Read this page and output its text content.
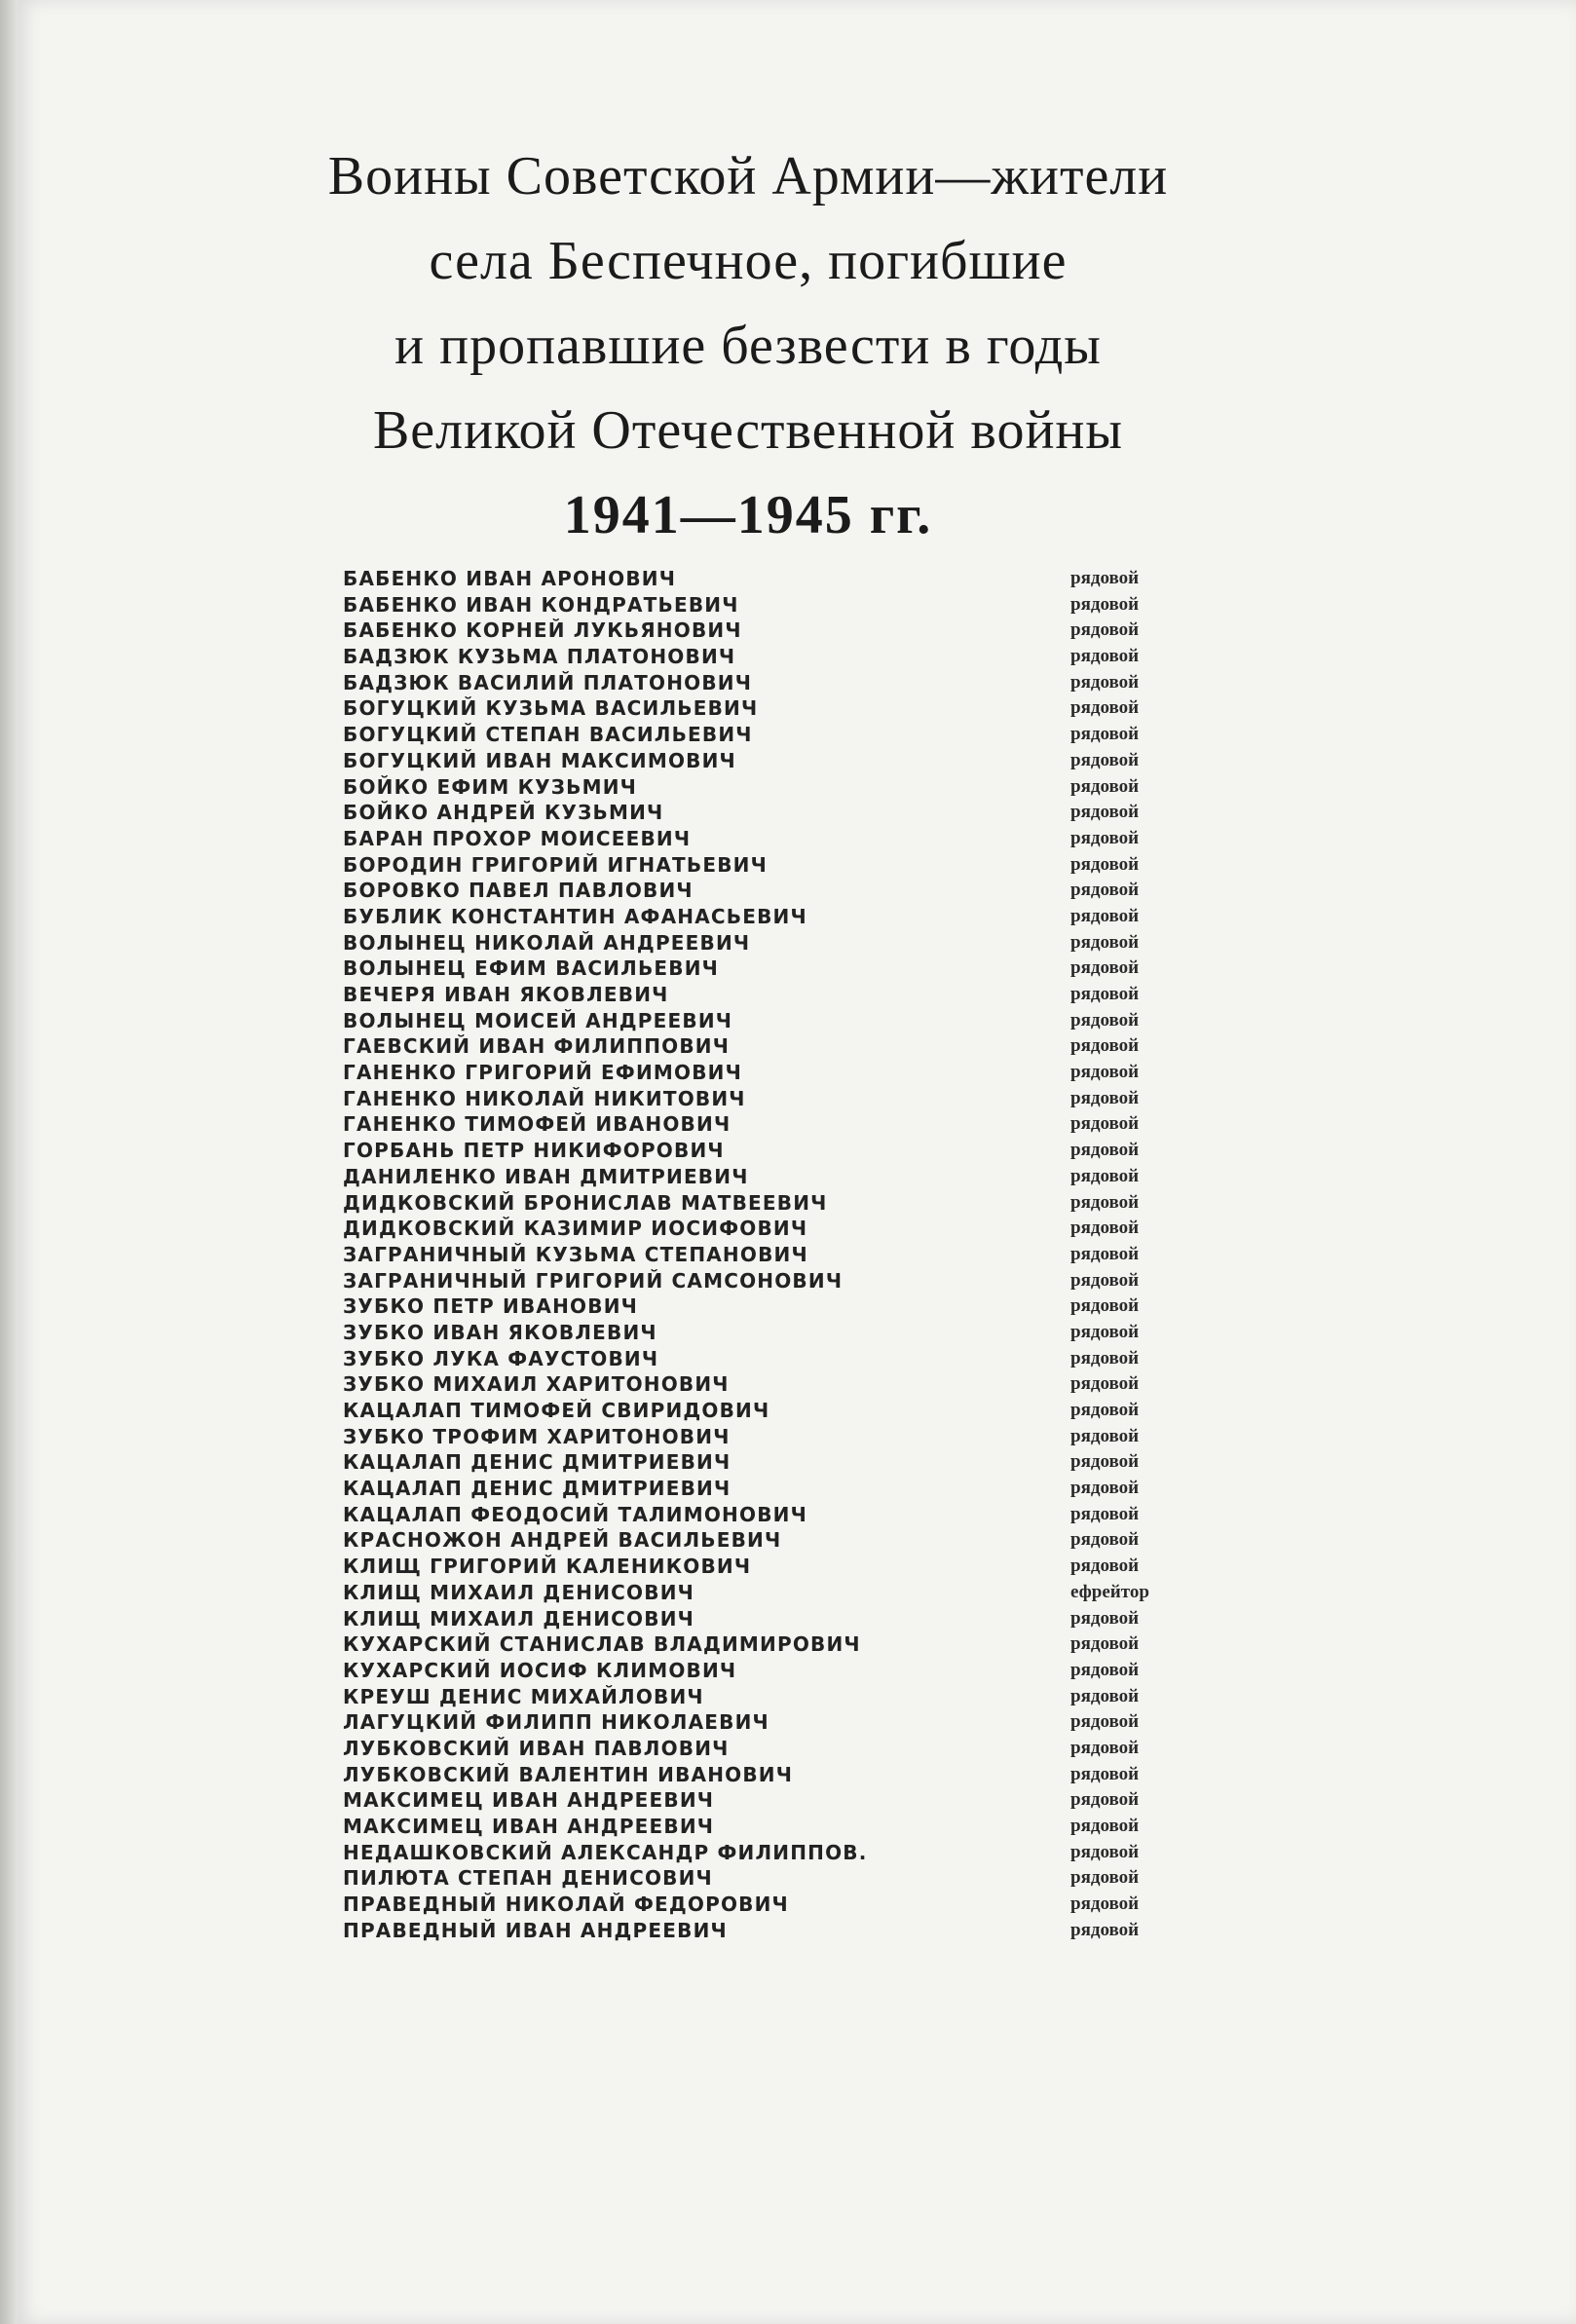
Воины Советской Армии—жители
села Беспечное, погибшие
и пропавшие безвести в годы
Великой Отечественной войны
1941—1945 гг.
БАБЕНКО ИВАН АРОНОВИЧ	рядовой
БАБЕНКО ИВАН КОНДРАТЬЕВИЧ	рядовой
БАБЕНКО КОРНЕЙ ЛУКЬЯНОВИЧ	рядовой
БАДЗЮК КУЗЬМА ПЛАТОНОВИЧ	рядовой
БАДЗЮК ВАСИЛИЙ ПЛАТОНОВИЧ	рядовой
БОГУЦКИЙ КУЗЬМА ВАСИЛЬЕВИЧ	рядовой
БОГУЦКИЙ СТЕПАН ВАСИЛЬЕВИЧ	рядовой
БОГУЦКИЙ ИВАН МАКСИМОВИЧ	рядовой
БОЙКО ЕФИМ КУЗЬМИЧ	рядовой
БОЙКО АНДРЕЙ КУЗЬМИЧ	рядовой
БАРАН ПРОХОР МОИСЕЕВИЧ	рядовой
БОРОДИН ГРИГОРИЙ ИГНАТЬЕВИЧ	рядовой
БОРОВКО ПАВЕЛ ПАВЛОВИЧ	рядовой
БУБЛИК КОНСТАНТИН АФАНАСЬЕВИЧ	рядовой
ВОЛЫНЕЦ НИКОЛАЙ АНДРЕЕВИЧ	рядовой
ВОЛЫНЕЦ ЕФИМ ВАСИЛЬЕВИЧ	рядовой
ВЕЧЕРЯ ИВАН ЯКОВЛЕВИЧ	рядовой
ВОЛЫНЕЦ МОИСЕЙ АНДРЕЕВИЧ	рядовой
ГАЕВСКИЙ ИВАН ФИЛИППОВИЧ	рядовой
ГАНЕНКО ГРИГОРИЙ ЕФИМОВИЧ	рядовой
ГАНЕНКО НИКОЛАЙ НИКИТОВИЧ	рядовой
ГАНЕНКО ТИМОФЕЙ ИВАНОВИЧ	рядовой
ГОРБАНЬ ПЕТР НИКИФОРОВИЧ	рядовой
ДАНИЛЕНКО ИВАН ДМИТРИЕВИЧ	рядовой
ДИДКОВСКИЙ БРОНИСЛАВ МАТВЕЕВИЧ	рядовой
ДИДКОВСКИЙ КАЗИМИР ИОСИФОВИЧ	рядовой
ЗАГРАНИЧНЫЙ КУЗЬМА СТЕПАНОВИЧ	рядовой
ЗАГРАНИЧНЫЙ ГРИГОРИЙ САМСОНОВИЧ	рядовой
ЗУБКО ПЕТР ИВАНОВИЧ	рядовой
ЗУБКО ИВАН ЯКОВЛЕВИЧ	рядовой
ЗУБКО ЛУКА ФАУСТОВИЧ	рядовой
ЗУБКО МИХАИЛ ХАРИТОНОВИЧ	рядовой
КАЦАЛАП ТИМОФЕЙ СВИРИДОВИЧ	рядовой
ЗУБКО ТРОФИМ ХАРИТОНОВИЧ	рядовой
КАЦАЛАП ДЕНИС ДМИТРИЕВИЧ	рядовой
КАЦАЛАП ДЕНИС ДМИТРИЕВИЧ	рядовой
КАЦАЛАП ФЕОДОСИЙ ТАЛИМОНОВИЧ	рядовой
КРАСНОЖОН АНДРЕЙ ВАСИЛЬЕВИЧ	рядовой
КЛИЩ ГРИГОРИЙ КАЛЕНИКОВИЧ	рядовой
КЛИЩ МИХАИЛ ДЕНИСОВИЧ	ефрейтор
КЛИЩ МИХАИЛ ДЕНИСОВИЧ	рядовой
КУХАРСКИЙ СТАНИСЛАВ ВЛАДИМИРОВИЧ	рядовой
КУХАРСКИЙ ИОСИФ КЛИМОВИЧ	рядовой
КРЕУШ ДЕНИС МИХАЙЛОВИЧ	рядовой
ЛАГУЦКИЙ ФИЛИПП НИКОЛАЕВИЧ	рядовой
ЛУБКОВСКИЙ ИВАН ПАВЛОВИЧ	рядовой
ЛУБКОВСКИЙ ВАЛЕНТИН ИВАНОВИЧ	рядовой
МАКСИМЕЦ ИВАН АНДРЕЕВИЧ	рядовой
МАКСИМЕЦ ИВАН АНДРЕЕВИЧ	рядовой
НЕДАШКОВСКИЙ АЛЕКСАНДР ФИЛИППОВ.	рядовой
ПИЛЮТА СТЕПАН ДЕНИСОВИЧ	рядовой
ПРАВЕДНЫЙ НИКОЛАЙ ФЕДОРОВИЧ	рядовой
ПРАВЕДНЫЙ ИВАН АНДРЕЕВИЧ	рядовой
